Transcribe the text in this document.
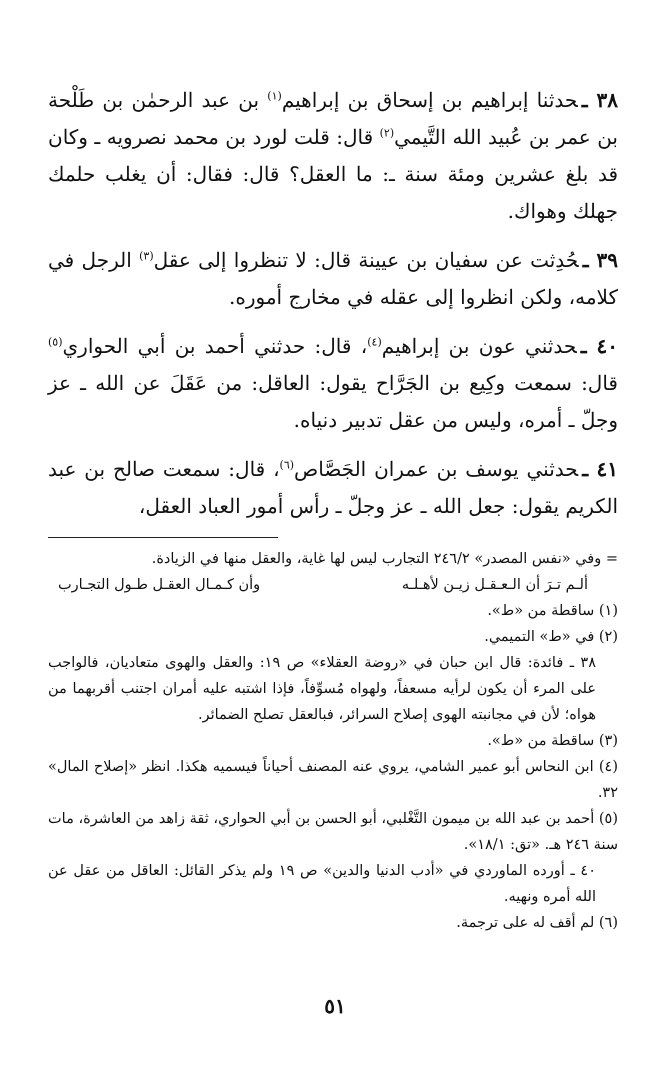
٣٨ ـحدثنا إبراهيم بن إسحاق بن إبراهيم$^{(١)}$ بن عبد الرحمٰن بن طَلْحة بن عمر بن عُبيد الله التَّيمي$^{(٢)}$ قال: قلت لورد بن محمد نصرويه ـ وكان قد بلغ عشرين ومئة سنة ـ: ما العقل؟ قال: فقال: أن يغلب حلمك جهلك وهواك.

٣٩ ـحُدِثت عن سفيان بن عيينة قال: لا تنظروا إلى عقل$^{(٣)}$ الرجل في كلامه، ولكن انظروا إلى عقله في مخارج أموره.

٤٠ ـحدثني عون بن إبراهيم$^{(٤)}$، قال: حدثني أحمد بن أبي الحواري$^{(٥)}$ قال: سمعت وكِيع بن الجَرَّاح يقول: العاقل: من عَقَلَ عن الله ـ عز وجلّ ـ أمره، وليس من عقل تدبير دنياه.

٤١ ـحدثني يوسف بن عمران الجَصَّاص$^{(٦)}$، قال: سمعت صالح بن عبد الكريم يقول: جعل الله ـ عز وجلّ ـ رأس أمور العباد العقل،

= وفي «نفس المصدر» ٢٤٦/٢ التجارب ليس لها غاية، والعقل منها في الزيادة.

ألـم تـرَ أن الـعـقـل زيـن لأهـلـه
وأن كـمـال العقـل طـول التجـارب

(١) ساقطة من «ط».

(٢) في «ط» التميمي.

٣٨ ـ فائدة: قال ابن حبان في «روضة العقلاء» ص ١٩: والعقل والهوى متعاديان، فالواجب على المرء أن يكون لرأيه مسعفاً، ولهواه مُسوِّفاً، فإذا اشتبه عليه أمران اجتنب أقربهما من هواه؛ لأن في مجانبته الهوى إصلاح السرائر، فبالعقل تصلح الضمائر.

(٣) ساقطة من «ط».

(٤) ابن النحاس أبو عمير الشامي، يروي عنه المصنف أحياناً فيسميه هكذا. انظر «إصلاح المال» ٣٢.

(٥) أحمد بن عبد الله بن ميمون التَّغْلبي، أبو الحسن بن أبي الحواري، ثقة زاهد من العاشرة، مات سنة ٢٤٦ هـ. «تق: ١٨/١».

٤٠ ـ أورده الماوردي في «أدب الدنيا والدين» ص ١٩ ولم يذكر القائل: العاقل من عقل عن الله أمره ونهيه.

(٦) لم أقف له على ترجمة.

٥١
